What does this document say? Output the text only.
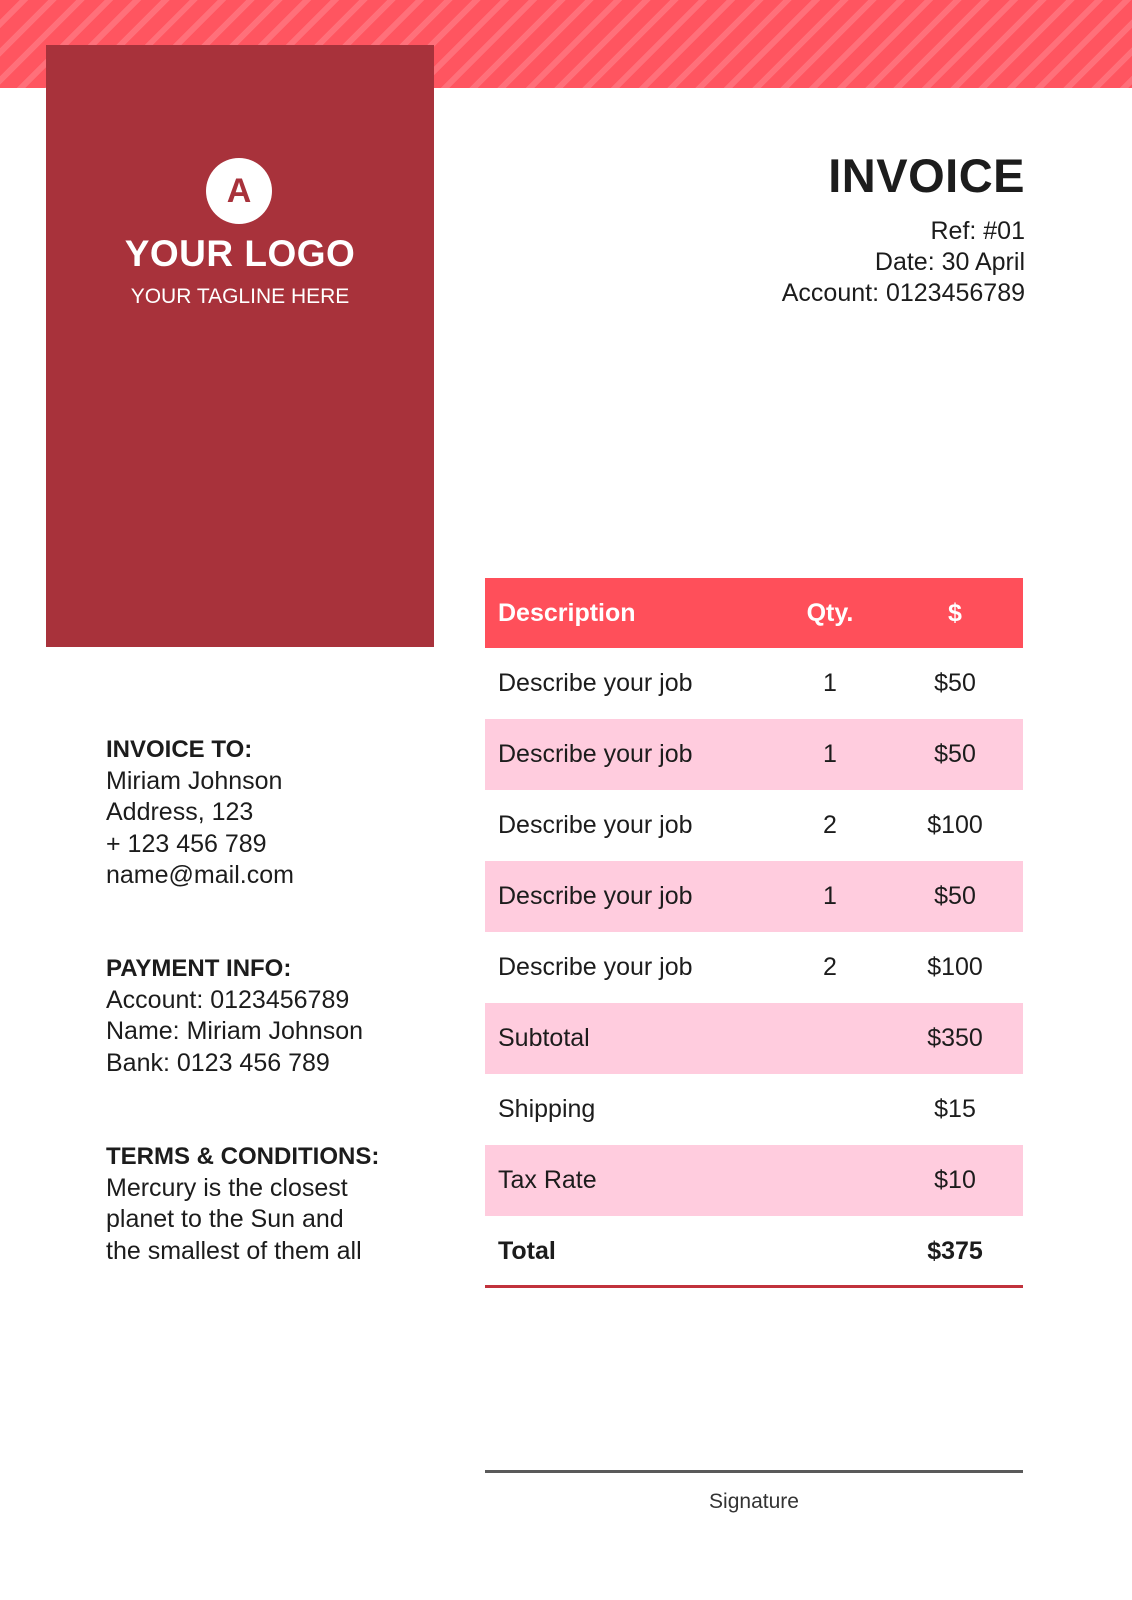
A
YOUR LOGO
YOUR TAGLINE HERE
INVOICE
Ref: #01
Date: 30 April
Account: 0123456789
INVOICE TO:
Miriam Johnson
Address, 123
+ 123 456 789
name@mail.com
PAYMENT INFO:
Account: 0123456789
Name: Miriam Johnson
Bank: 0123 456 789
TERMS & CONDITIONS:
Mercury is the closest
planet to the Sun and
the smallest of them all
Description	Qty.	$
Describe your job	1	$50
Describe your job	1	$50
Describe your job	2	$100
Describe your job	1	$50
Describe your job	2	$100
Subtotal	$350
Shipping	$15
Tax Rate	$10
Total	$375
Signature
